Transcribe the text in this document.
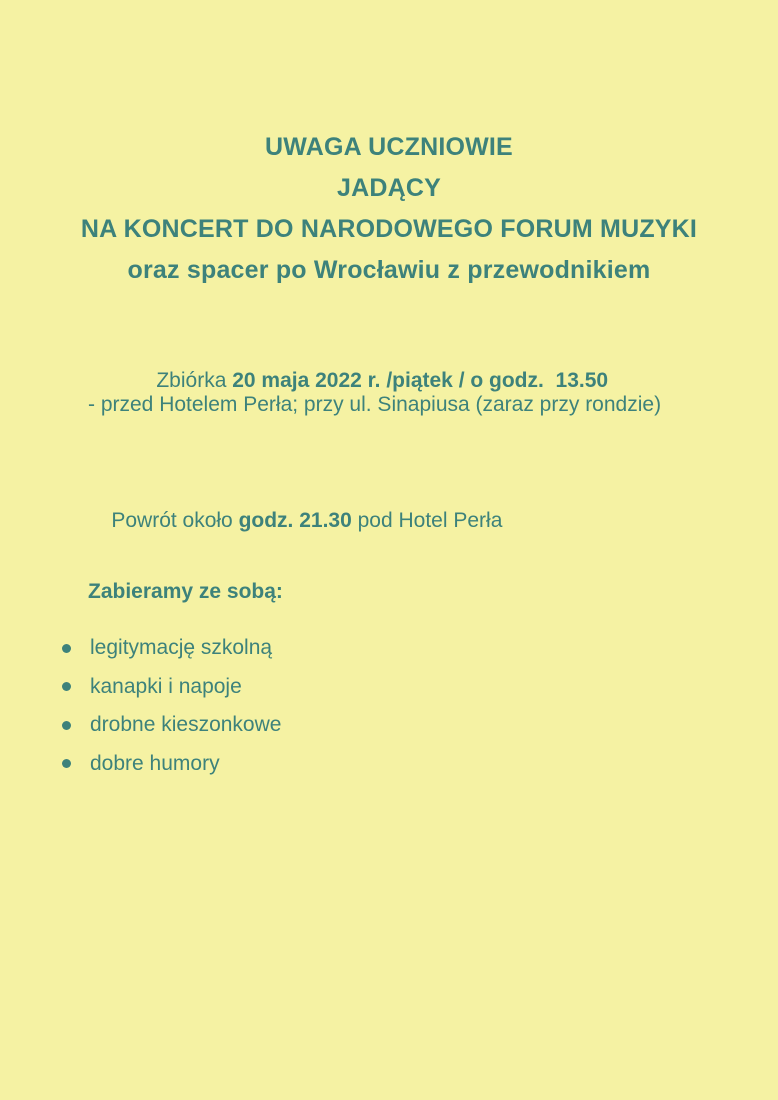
UWAGA UCZNIOWIE
JADĄCY
NA KONCERT DO NARODOWEGO FORUM MUZYKI
oraz spacer po Wrocławiu z przewodnikiem

Zbiórka 20 maja 2022 r. /piątek / o godz.  13.50

- przed Hotelem Perła; przy ul. Sinapiusa (zaraz przy rondzie)

Powrót około godz. 21.30 pod Hotel Perła

Zabieramy ze sobą:
legitymację szkolną
kanapki i napoje
drobne kieszonkowe
dobre humory
